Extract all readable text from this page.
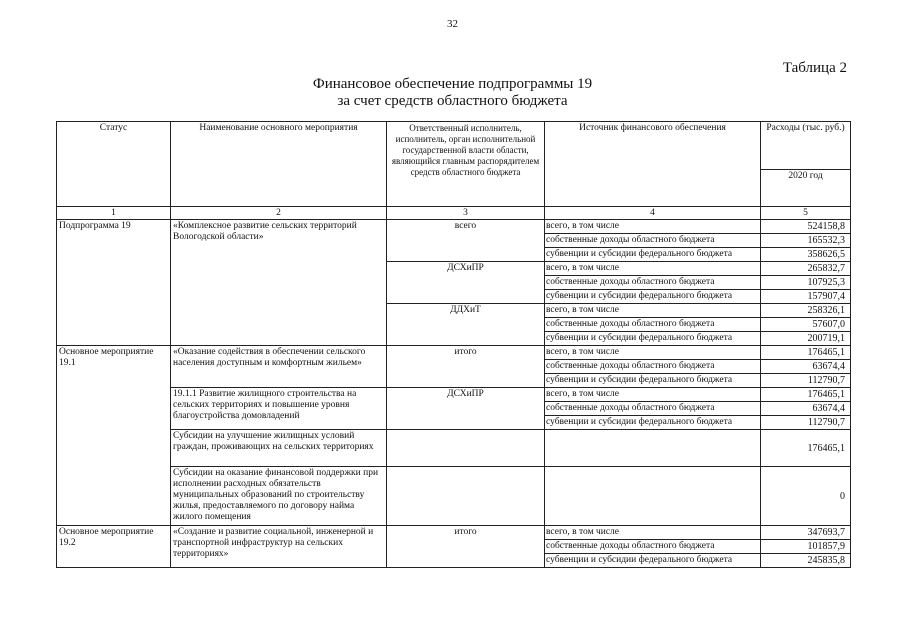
32
Таблица 2
Финансовое обеспечение подпрограммы 19
за счет средств областного бюджета
Статус	Наименование основного мероприятия	Ответственный исполнитель, исполнитель, орган исполнительной государственной власти области, являющийся главным распорядителем средств областного бюджета	Источник финансового обеспечения	Расходы (тыс. руб.)
				2020 год
1	2	3	4	5
Подпрограмма 19	«Комплексное развитие сельских территорий Вологодской области»	всего	всего, в том числе	524158,8
			собственные доходы областного бюджета	165532,3
			субвенции и субсидии федерального бюджета	358626,5
		ДСХиПР	всего, в том числе	265832,7
			собственные доходы областного бюджета	107925,3
			субвенции и субсидии федерального бюджета	157907,4
		ДДХиТ	всего, в том числе	258326,1
			собственные доходы областного бюджета	57607,0
			субвенции и субсидии федерального бюджета	200719,1
Основное мероприятие 19.1	«Оказание содействия в обеспечении сельского населения доступным и комфортным жильем»	итого	всего, в том числе	176465,1
			собственные доходы областного бюджета	63674,4
			субвенции и субсидии федерального бюджета	112790,7
	19.1.1 Развитие жилищного строительства на сельских территориях и повышение уровня благоустройства домовладений	ДСХиПР	всего, в том числе	176465,1
			собственные доходы областного бюджета	63674,4
			субвенции и субсидии федерального бюджета	112790,7
	Субсидии на улучшение жилищных условий граждан, проживающих на сельских территориях			176465,1
	Субсидии на оказание финансовой поддержки при исполнении расходных обязательств муниципальных образований по строительству жилья, предоставляемого по договору найма жилого помещения			0
Основное мероприятие 19.2	«Создание и развитие социальной, инженерной и транспортной инфраструктур на сельских территориях»	итого	всего, в том числе	347693,7
			собственные доходы областного бюджета	101857,9
			субвенции и субсидии федерального бюджета	245835,8
